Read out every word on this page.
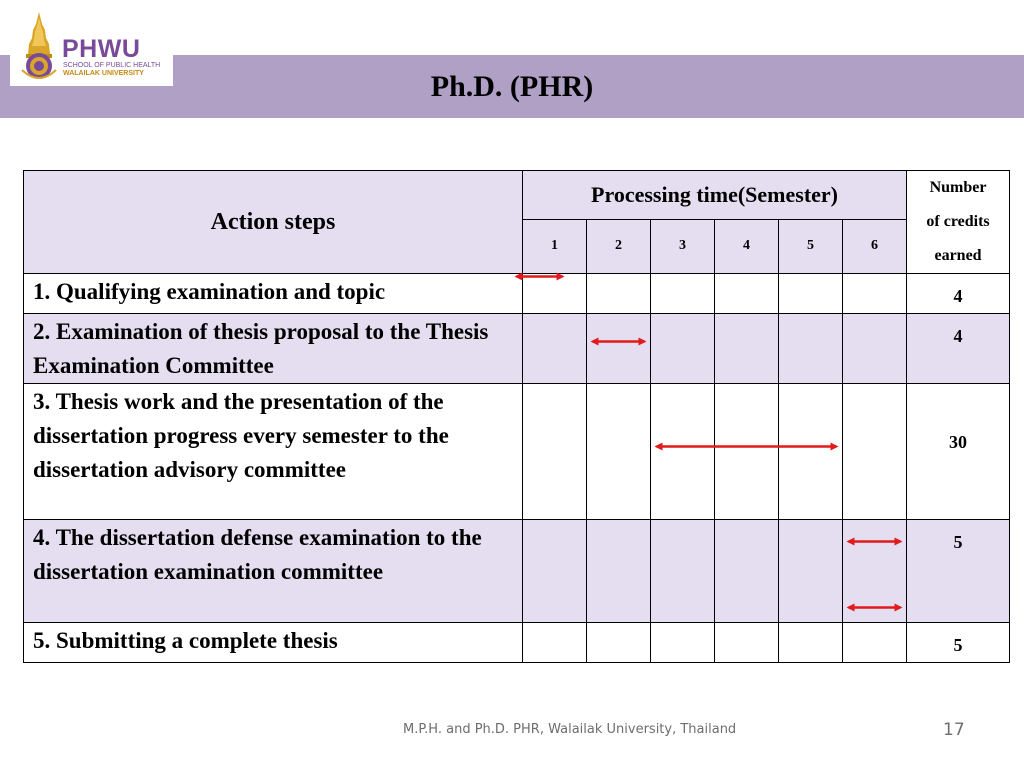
Ph.D. (PHR)
PHWU
SCHOOL OF PUBLIC HEALTH
WALAILAK UNIVERSITY
Action steps	Processing time(Semester)						Number
of credits
earned

	1	2	3	4	5	6	
1. Qualifying examination and topic							4
2. Examination of thesis proposal to the Thesis Examination Committee							4
3. Thesis work and the presentation of the dissertation progress every semester to the dissertation advisory committee							30
4. The dissertation defense examination to the dissertation examination committee							5
5. Submitting a complete thesis							5
M.P.H. and Ph.D. PHR, Walailak University, Thailand	17
